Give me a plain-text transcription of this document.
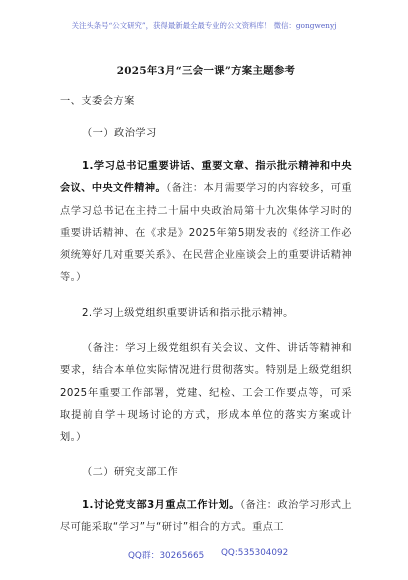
关注头条号“公文研究”，获得最新最全最专业的公文资料库！ 微信：gongwenyj
2025年3月“三会一课”方案主题参考
一、支委会方案
（一）政治学习

1.学习总书记重要讲话、重要文章、指示批示精神和中央会议、中央文件精神。（备注：本月需要学习的内容较多，可重点学习总书记在主持二十届中央政治局第十九次集体学习时的重要讲话精神、在《求是》2025年第5期发表的《经济工作必须统筹好几对重要关系》、在民营企业座谈会上的重要讲话精神等。）

2.学习上级党组织重要讲话和指示批示精神。

（备注：学习上级党组织有关会议、文件、讲话等精神和要求，结合本单位实际情况进行贯彻落实。特别是上级党组织2025年重要工作部署，党建、纪检、工会工作要点等，可采取提前自学＋现场讨论的方式，形成本单位的落实方案或计划。）

（二）研究支部工作

1.讨论党支部3月重点工作计划。（备注：政治学习形式上尽可能采取“学习”与“研讨”相合的方式。重点工

QQ群：30265665 QQ:535304092
